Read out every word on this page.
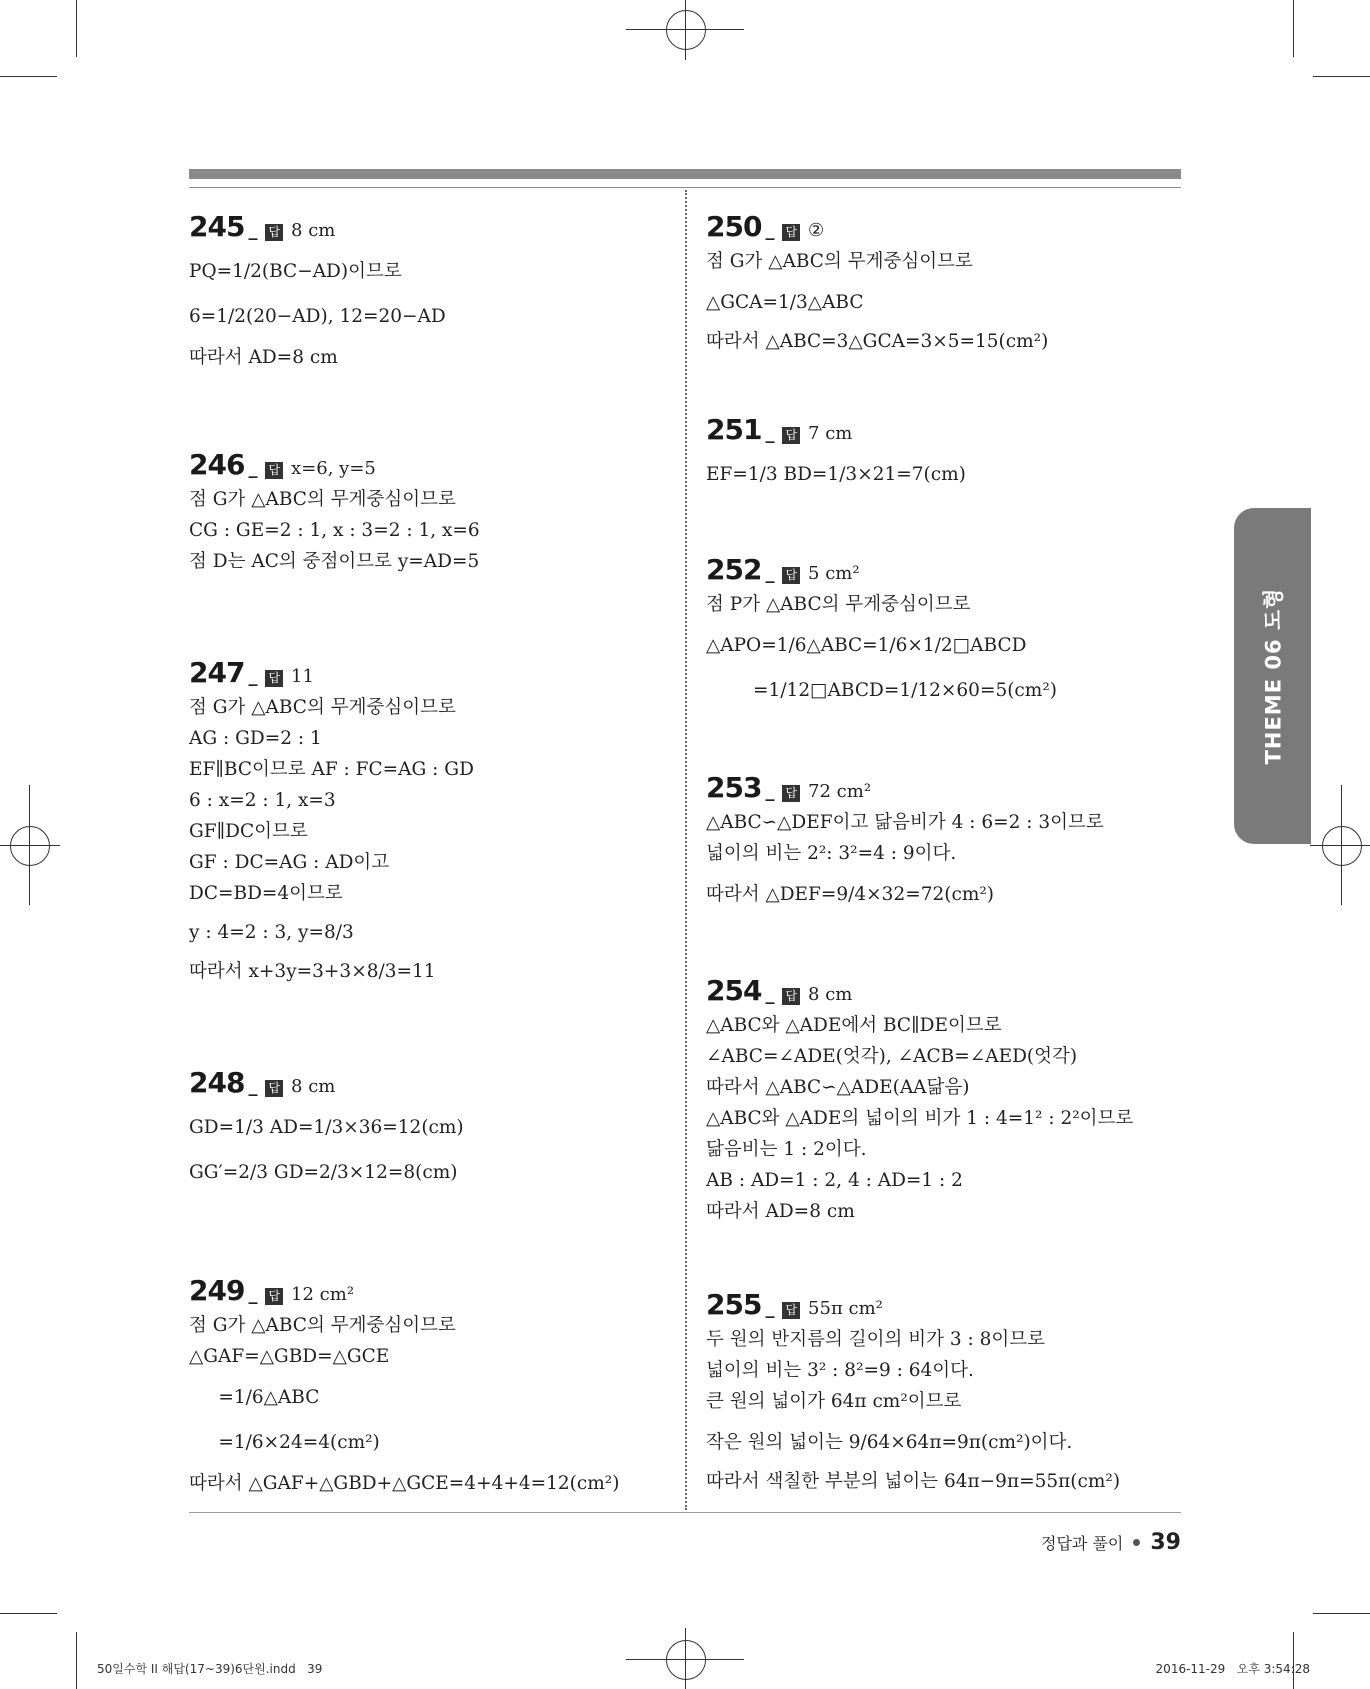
THEME 06 도형
245 _ 답 8 cm
PQ=1/2(BC−AD)이므로
6=1/2(20−AD), 12=20−AD
따라서 AD=8 cm
246 _ 답 x=6, y=5
점 G가 △ABC의 무게중심이므로
CG : GE=2 : 1, x : 3=2 : 1, x=6
점 D는 AC의 중점이므로 y=AD=5
247 _ 답 11
점 G가 △ABC의 무게중심이므로
AG : GD=2 : 1
EF∥BC이므로 AF : FC=AG : GD
6 : x=2 : 1, x=3
GF∥DC이므로
GF : DC=AG : AD이고
DC=BD=4이므로
y : 4=2 : 3, y=8/3
따라서 x+3y=3+3×8/3=11
248 _ 답 8 cm
GD=1/3 AD=1/3×36=12(cm)
GG′=2/3 GD=2/3×12=8(cm)
249 _ 답 12 cm²
점 G가 △ABC의 무게중심이므로
△GAF=△GBD=△GCE
=1/6△ABC
=1/6×24=4(cm²)
따라서 △GAF+△GBD+△GCE=4+4+4=12(cm²)
250 _ 답 ②
점 G가 △ABC의 무게중심이므로
△GCA=1/3△ABC
따라서 △ABC=3△GCA=3×5=15(cm²)
251 _ 답 7 cm
EF=1/3 BD=1/3×21=7(cm)
252 _ 답 5 cm²
점 P가 △ABC의 무게중심이므로
△APO=1/6△ABC=1/6×1/2□ABCD
=1/12□ABCD=1/12×60=5(cm²)
253 _ 답 72 cm²
△ABC∽△DEF이고 닮음비가 4 : 6=2 : 3이므로
넓이의 비는 2²: 3²=4 : 9이다.
따라서 △DEF=9/4×32=72(cm²)
254 _ 답 8 cm
△ABC와 △ADE에서 BC∥DE이므로
∠ABC=∠ADE(엇각), ∠ACB=∠AED(엇각)
따라서 △ABC∽△ADE(AA닮음)
△ABC와 △ADE의 넓이의 비가 1 : 4=1² : 2²이므로
닮음비는 1 : 2이다.
AB : AD=1 : 2, 4 : AD=1 : 2
따라서 AD=8 cm
255 _ 답 55π cm²
두 원의 반지름의 길이의 비가 3 : 8이므로
넓이의 비는 3² : 8²=9 : 64이다.
큰 원의 넓이가 64π cm²이므로
작은 원의 넓이는 9/64×64π=9π(cm²)이다.
따라서 색칠한 부분의 넓이는 64π−9π=55π(cm²)
정답과 풀이 39
50일수학 II 해답(17~39)6단원.indd   39	2016-11-29   오후 3:54:28
